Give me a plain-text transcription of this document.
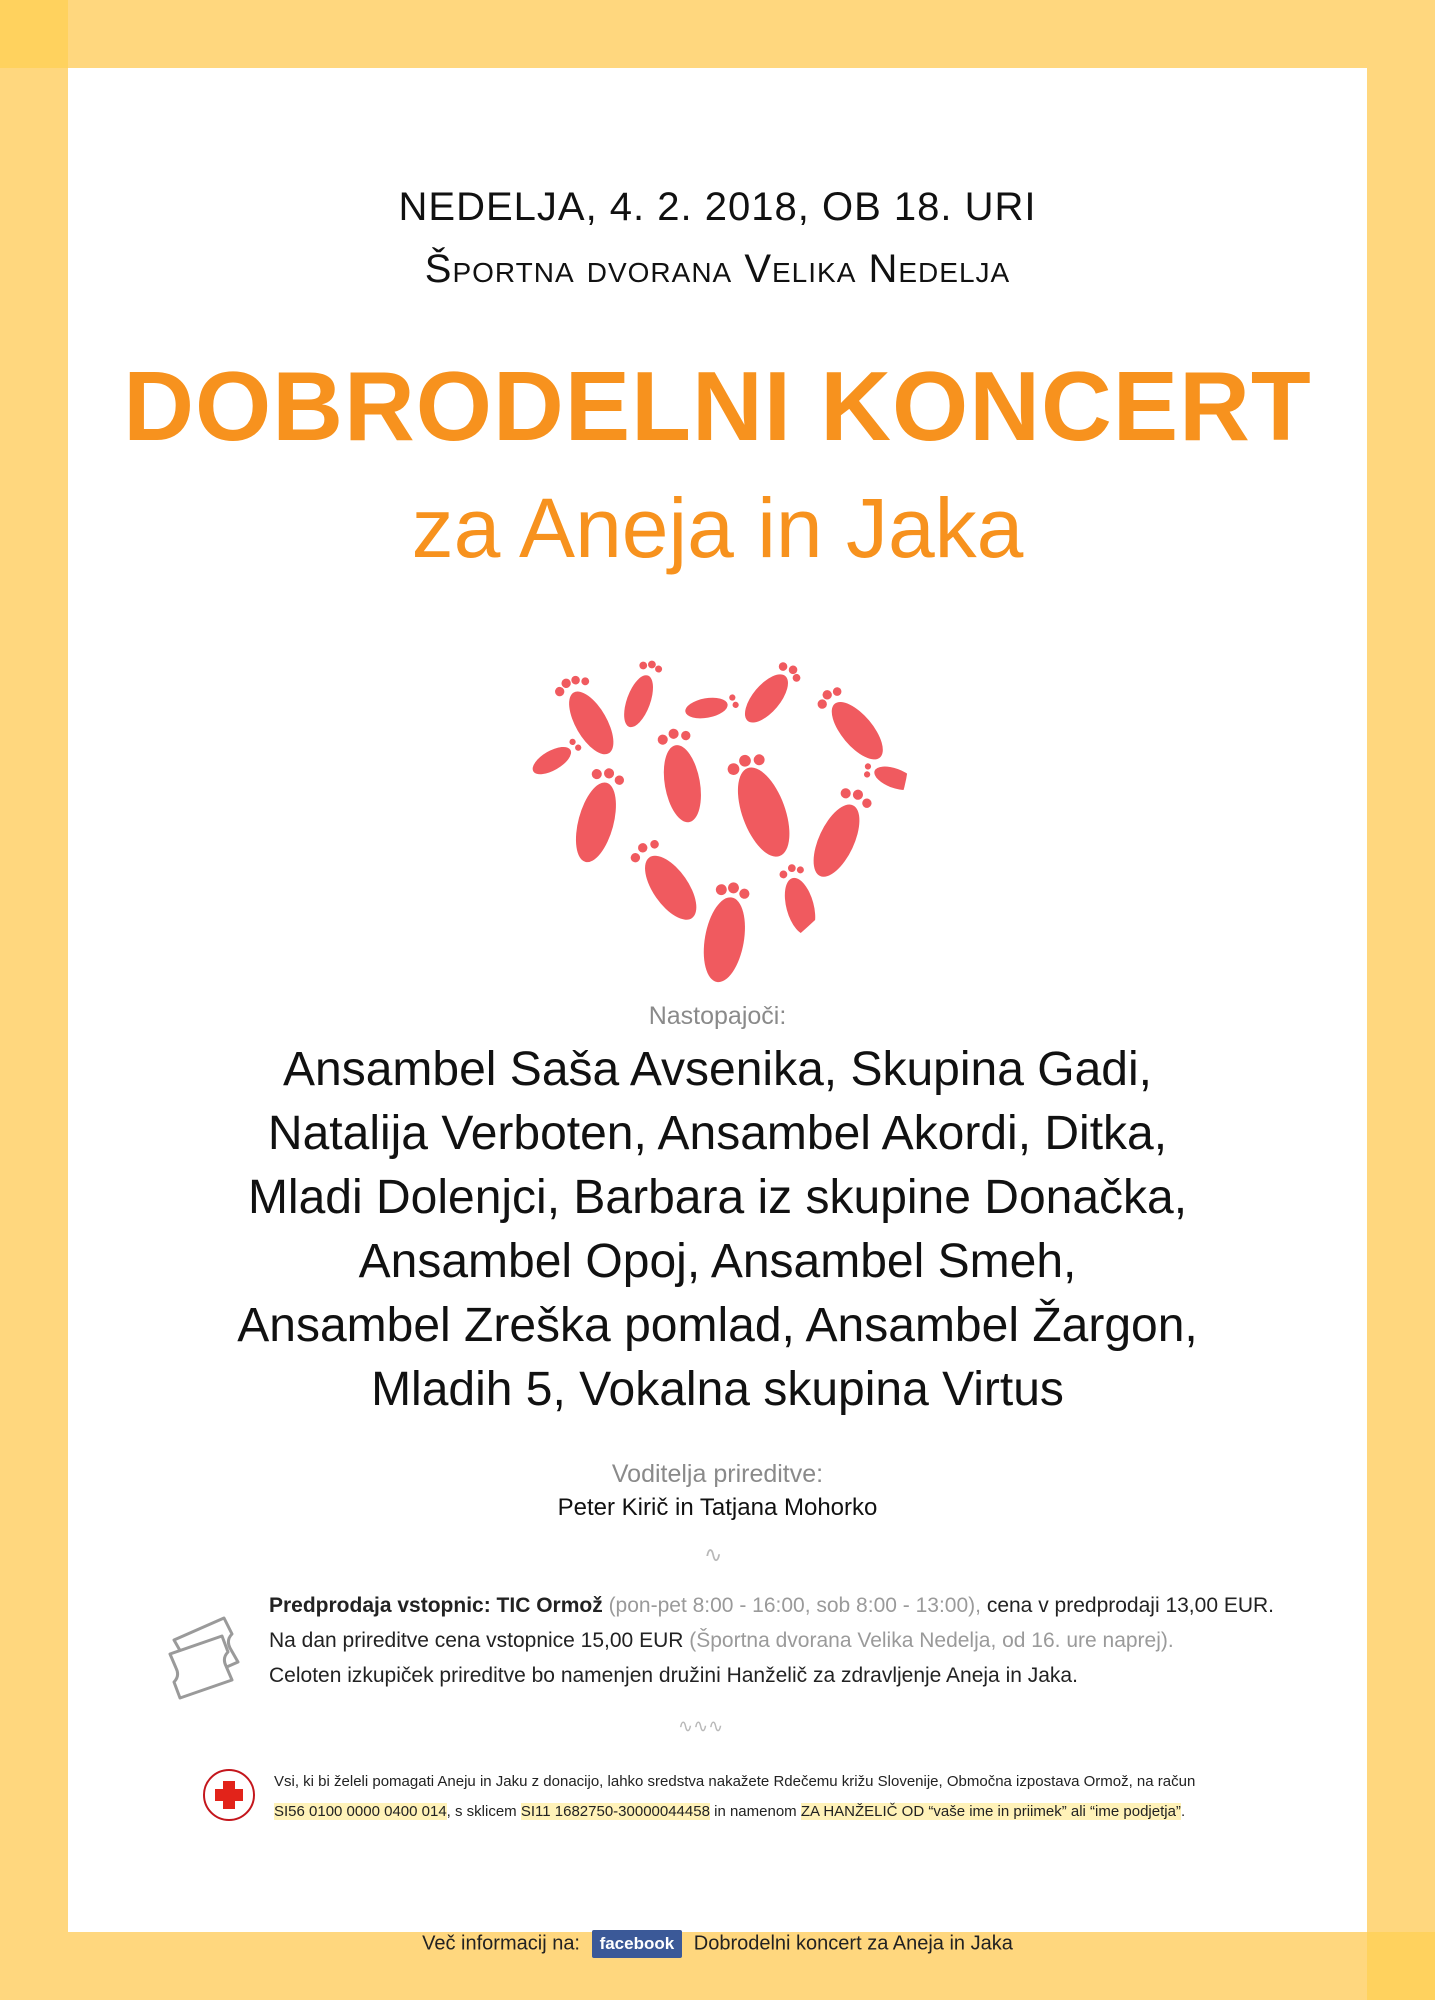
NEDELJA, 4. 2. 2018, OB 18. URI
Športna dvorana Velika Nedelja
DOBRODELNI KONCERT
za Aneja in Jaka
Nastopajoči:
Ansambel Saša Avsenika, Skupina Gadi,
Natalija Verboten, Ansambel Akordi, Ditka,
Mladi Dolenjci, Barbara iz skupine Donačka,
Ansambel Opoj, Ansambel Smeh,
Ansambel Zreška pomlad, Ansambel Žargon,
Mladih 5, Vokalna skupina Virtus
Voditelja prireditve:
Peter Kirič in Tatjana Mohorko
∿
Predprodaja vstopnic: TIC Ormož (pon-pet 8:00 - 16:00, sob 8:00 - 13:00), cena v predprodaji 13,00 EUR.
Na dan prireditve cena vstopnice 15,00 EUR (Športna dvorana Velika Nedelja, od 16. ure naprej).
Celoten izkupiček prireditve bo namenjen družini Hanželič za zdravljenje Aneja in Jaka.
∿∿∿
Vsi, ki bi želeli pomagati Aneju in Jaku z donacijo, lahko sredstva nakažete Rdečemu križu Slovenije, Območna izpostava Ormož, na račun
SI56 0100 0000 0400 014, s sklicem SI11 1682750-30000044458 in namenom ZA HANŽELIČ OD “vaše ime in priimek” ali “ime podjetja”.
Več informacij na: facebook Dobrodelni koncert za Aneja in Jaka
